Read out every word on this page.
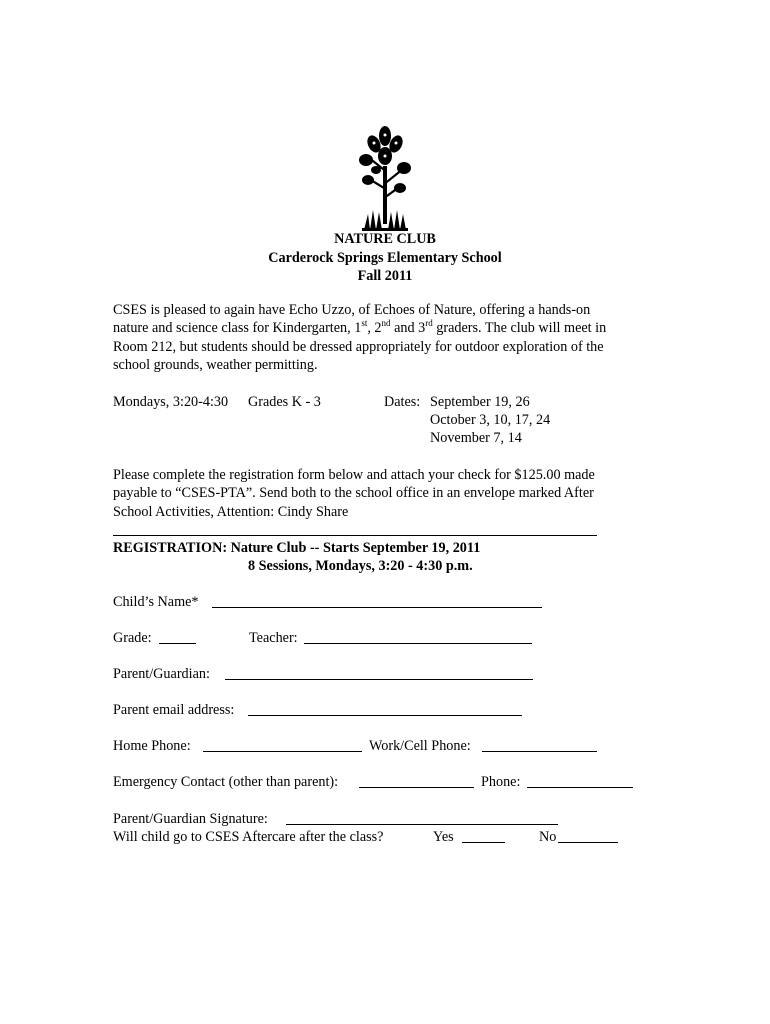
NATURE CLUB
Carderock Springs Elementary School
Fall 2011
CSES is pleased to again have Echo Uzzo, of Echoes of Nature, offering a hands-on
nature and science class for Kindergarten, 1st, 2nd and 3rd graders. The club will meet in
Room 212, but students should be dressed appropriately for outdoor exploration of the
school grounds, weather permitting.
Mondays, 3:20-4:30 Grades K - 3	Dates: September 19, 26
October 3, 10, 17, 24
November 7, 14
Please complete the registration form below and attach your check for $125.00 made
payable to “CSES-PTA”. Send both to the school office in an envelope marked After
School Activities, Attention: Cindy Share
REGISTRATION: Nature Club -- Starts September 19, 2011
8 Sessions, Mondays, 3:20 - 4:30 p.m.
Child’s Name*
Grade:	Teacher:
Parent/Guardian:
Parent email address:
Home Phone:	Work/Cell Phone:
Emergency Contact (other than parent):	Phone:
Parent/Guardian Signature:
Will child go to CSES Aftercare after the class?	Yes	No
